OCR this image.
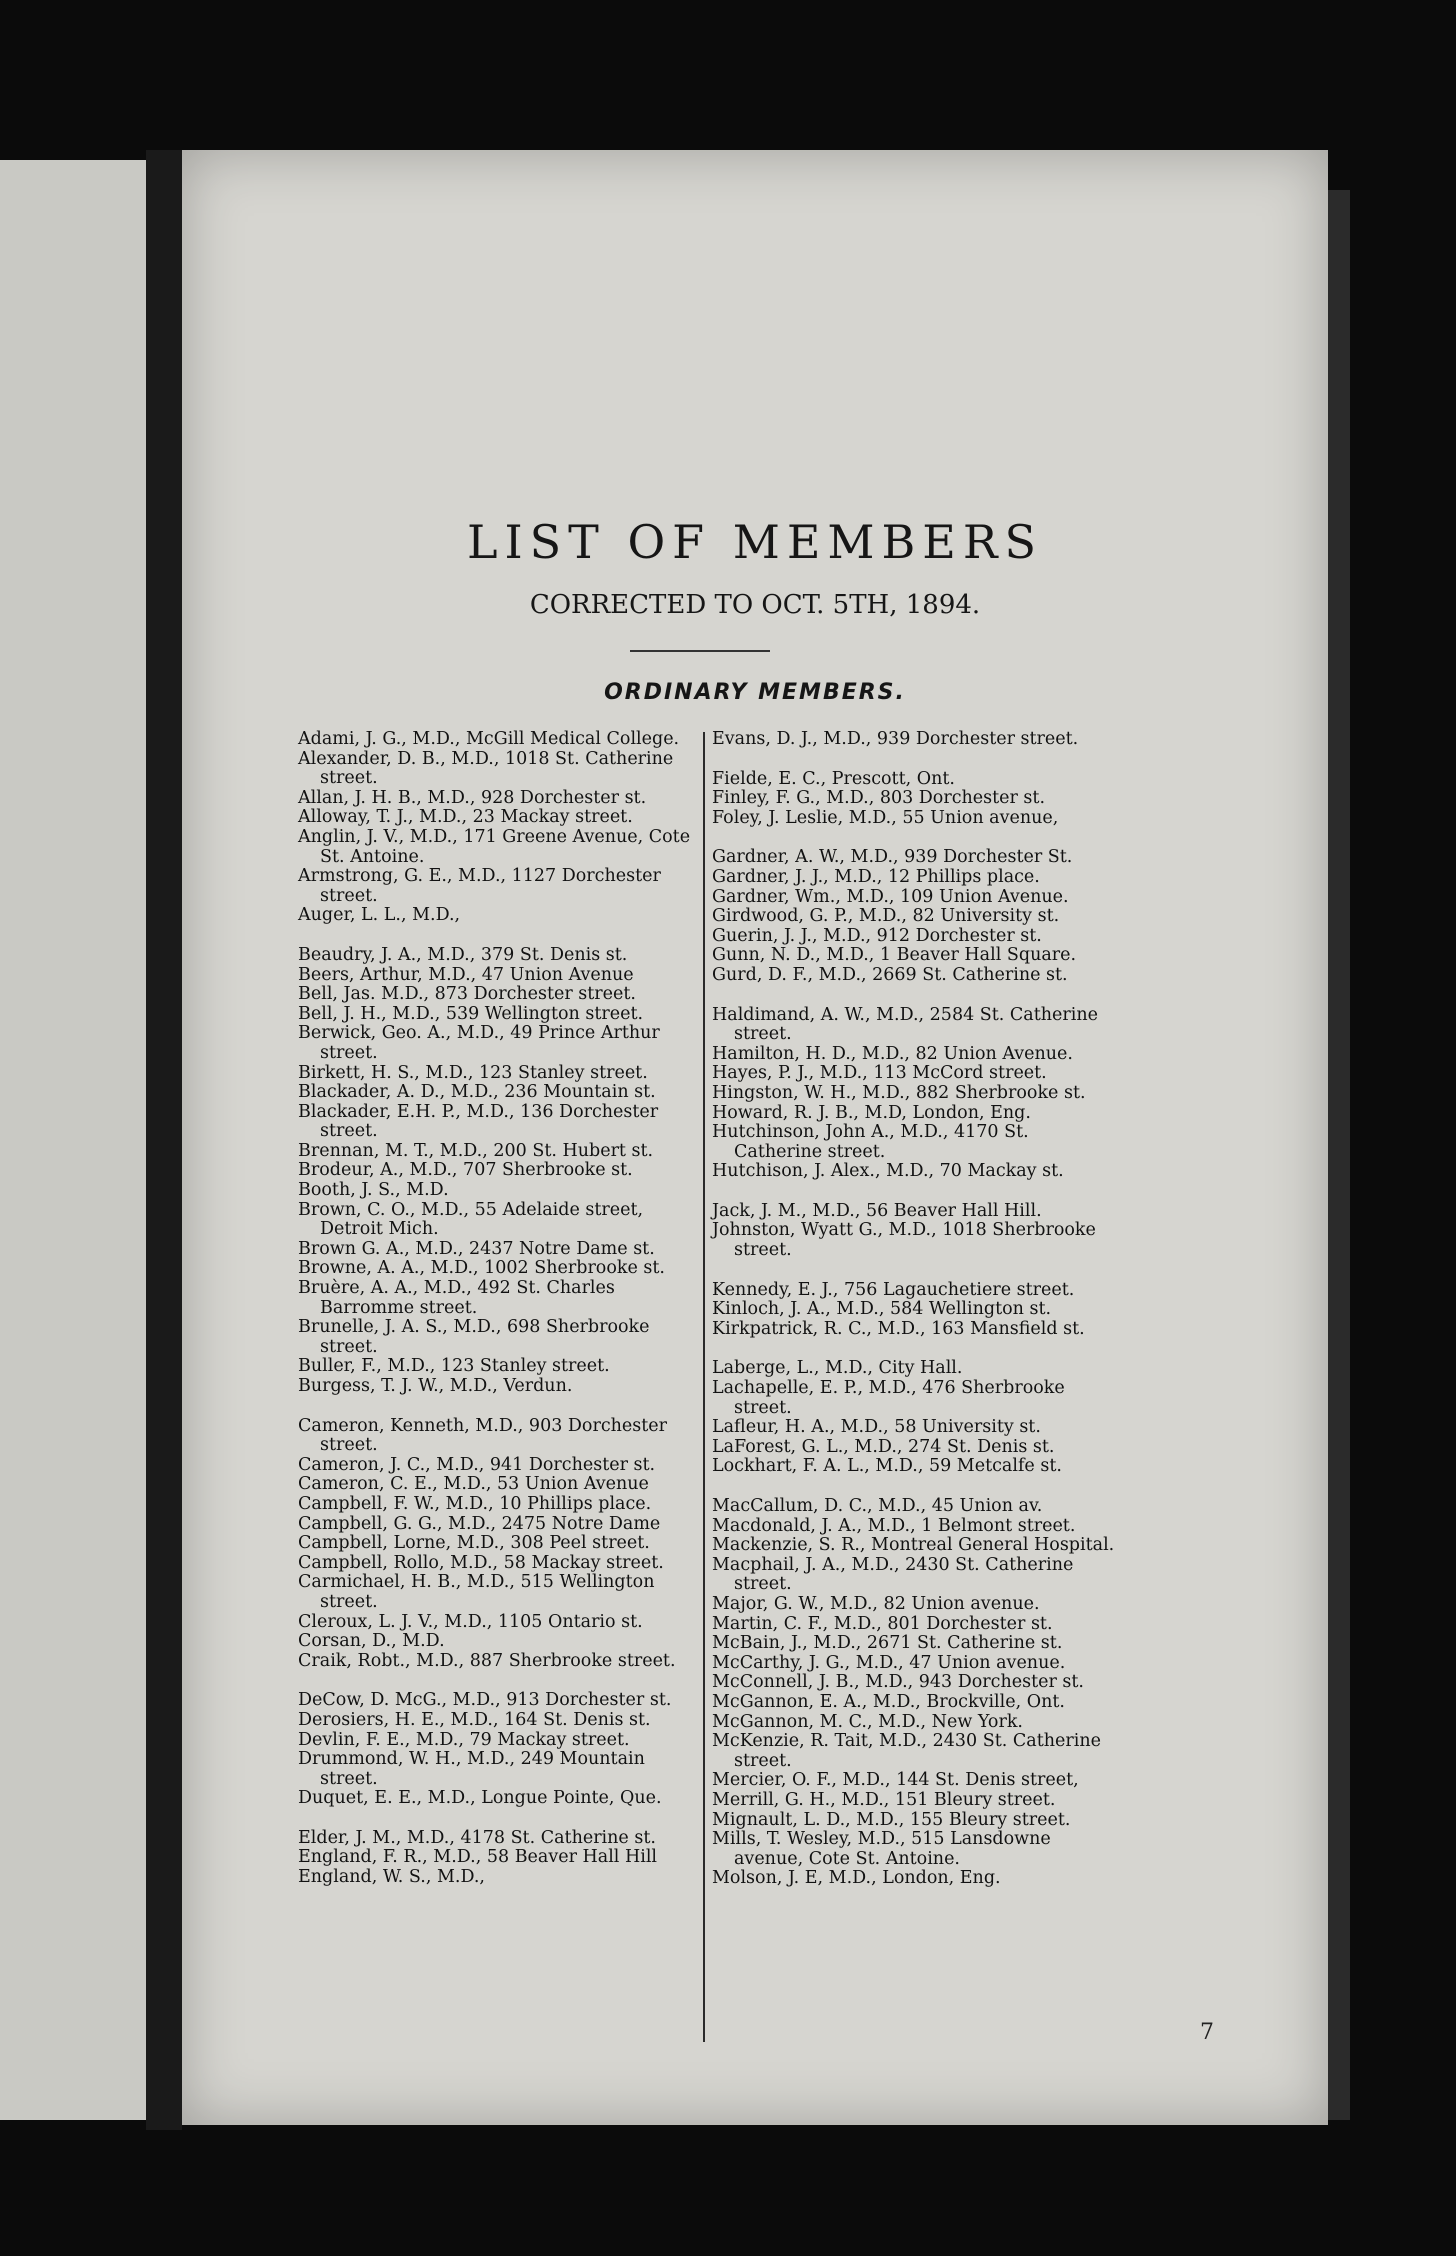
LIST OF MEMBERS
CORRECTED TO OCT. 5TH, 1894.
ORDINARY MEMBERS.

Adami, J. G., M.D., McGill Medical College.

Alexander, D. B., M.D., 1018 St. Catherine street.

Allan, J. H. B., M.D., 928 Dorchester st.

Alloway, T. J., M.D., 23 Mackay street.

Anglin, J. V., M.D., 171 Greene Avenue, Cote St. Antoine.

Armstrong, G. E., M.D., 1127 Dorchester street.

Auger, L. L., M.D.,

Beaudry, J. A., M.D., 379 St. Denis st.

Beers, Arthur, M.D., 47 Union Avenue

Bell, Jas. M.D., 873 Dorchester street.

Bell, J. H., M.D., 539 Wellington street.

Berwick, Geo. A., M.D., 49 Prince Arthur street.

Birkett, H. S., M.D., 123 Stanley street.

Blackader, A. D., M.D., 236 Mountain st.

Blackader, E.H. P., M.D., 136 Dorchester street.

Brennan, M. T., M.D., 200 St. Hubert st.

Brodeur, A., M.D., 707 Sherbrooke st.

Booth, J. S., M.D.

Brown, C. O., M.D., 55 Adelaide street, Detroit Mich.

Brown G. A., M.D., 2437 Notre Dame st.

Browne, A. A., M.D., 1002 Sherbrooke st.

Bruère, A. A., M.D., 492 St. Charles Barromme street.

Brunelle, J. A. S., M.D., 698 Sherbrooke street.

Buller, F., M.D., 123 Stanley street.

Burgess, T. J. W., M.D., Verdun.

Cameron, Kenneth, M.D., 903 Dorchester street.

Cameron, J. C., M.D., 941 Dorchester st.

Cameron, C. E., M.D., 53 Union Avenue

Campbell, F. W., M.D., 10 Phillips place.

Campbell, G. G., M.D., 2475 Notre Dame

Campbell, Lorne, M.D., 308 Peel street.

Campbell, Rollo, M.D., 58 Mackay street.

Carmichael, H. B., M.D., 515 Wellington street.

Cleroux, L. J. V., M.D., 1105 Ontario st.

Corsan, D., M.D.

Craik, Robt., M.D., 887 Sherbrooke street.

DeCow, D. McG., M.D., 913 Dorchester st.

Derosiers, H. E., M.D., 164 St. Denis st.

Devlin, F. E., M.D., 79 Mackay street.

Drummond, W. H., M.D., 249 Mountain street.

Duquet, E. E., M.D., Longue Pointe, Que.

Elder, J. M., M.D., 4178 St. Catherine st.

England, F. R., M.D., 58 Beaver Hall Hill

England, W. S., M.D.,

Evans, D. J., M.D., 939 Dorchester street.

Fielde, E. C., Prescott, Ont.

Finley, F. G., M.D., 803 Dorchester st.

Foley, J. Leslie, M.D., 55 Union avenue,

Gardner, A. W., M.D., 939 Dorchester St.

Gardner, J. J., M.D., 12 Phillips place.

Gardner, Wm., M.D., 109 Union Avenue.

Girdwood, G. P., M.D., 82 University st.

Guerin, J. J., M.D., 912 Dorchester st.

Gunn, N. D., M.D., 1 Beaver Hall Square.

Gurd, D. F., M.D., 2669 St. Catherine st.

Haldimand, A. W., M.D., 2584 St. Catherine street.

Hamilton, H. D., M.D., 82 Union Avenue.

Hayes, P. J., M.D., 113 McCord street.

Hingston, W. H., M.D., 882 Sherbrooke st.

Howard, R. J. B., M.D, London, Eng.

Hutchinson, John A., M.D., 4170 St. Catherine street.

Hutchison, J. Alex., M.D., 70 Mackay st.

Jack, J. M., M.D., 56 Beaver Hall Hill.

Johnston, Wyatt G., M.D., 1018 Sherbrooke street.

Kennedy, E. J., 756 Lagauchetiere street.

Kinloch, J. A., M.D., 584 Wellington st.

Kirkpatrick, R. C., M.D., 163 Mansfield st.

Laberge, L., M.D., City Hall.

Lachapelle, E. P., M.D., 476 Sherbrooke street.

Lafleur, H. A., M.D., 58 University st.

LaForest, G. L., M.D., 274 St. Denis st.

Lockhart, F. A. L., M.D., 59 Metcalfe st.

MacCallum, D. C., M.D., 45 Union av.

Macdonald, J. A., M.D., 1 Belmont street.

Mackenzie, S. R., Montreal General Hospital.

Macphail, J. A., M.D., 2430 St. Catherine street.

Major, G. W., M.D., 82 Union avenue.

Martin, C. F., M.D., 801 Dorchester st.

McBain, J., M.D., 2671 St. Catherine st.

McCarthy, J. G., M.D., 47 Union avenue.

McConnell, J. B., M.D., 943 Dorchester st.

McGannon, E. A., M.D., Brockville, Ont.

McGannon, M. C., M.D., New York.

McKenzie, R. Tait, M.D., 2430 St. Catherine street.

Mercier, O. F., M.D., 144 St. Denis street,

Merrill, G. H., M.D., 151 Bleury street.

Mignault, L. D., M.D., 155 Bleury street.

Mills, T. Wesley, M.D., 515 Lansdowne avenue, Cote St. Antoine.

Molson, J. E, M.D., London, Eng.

7
